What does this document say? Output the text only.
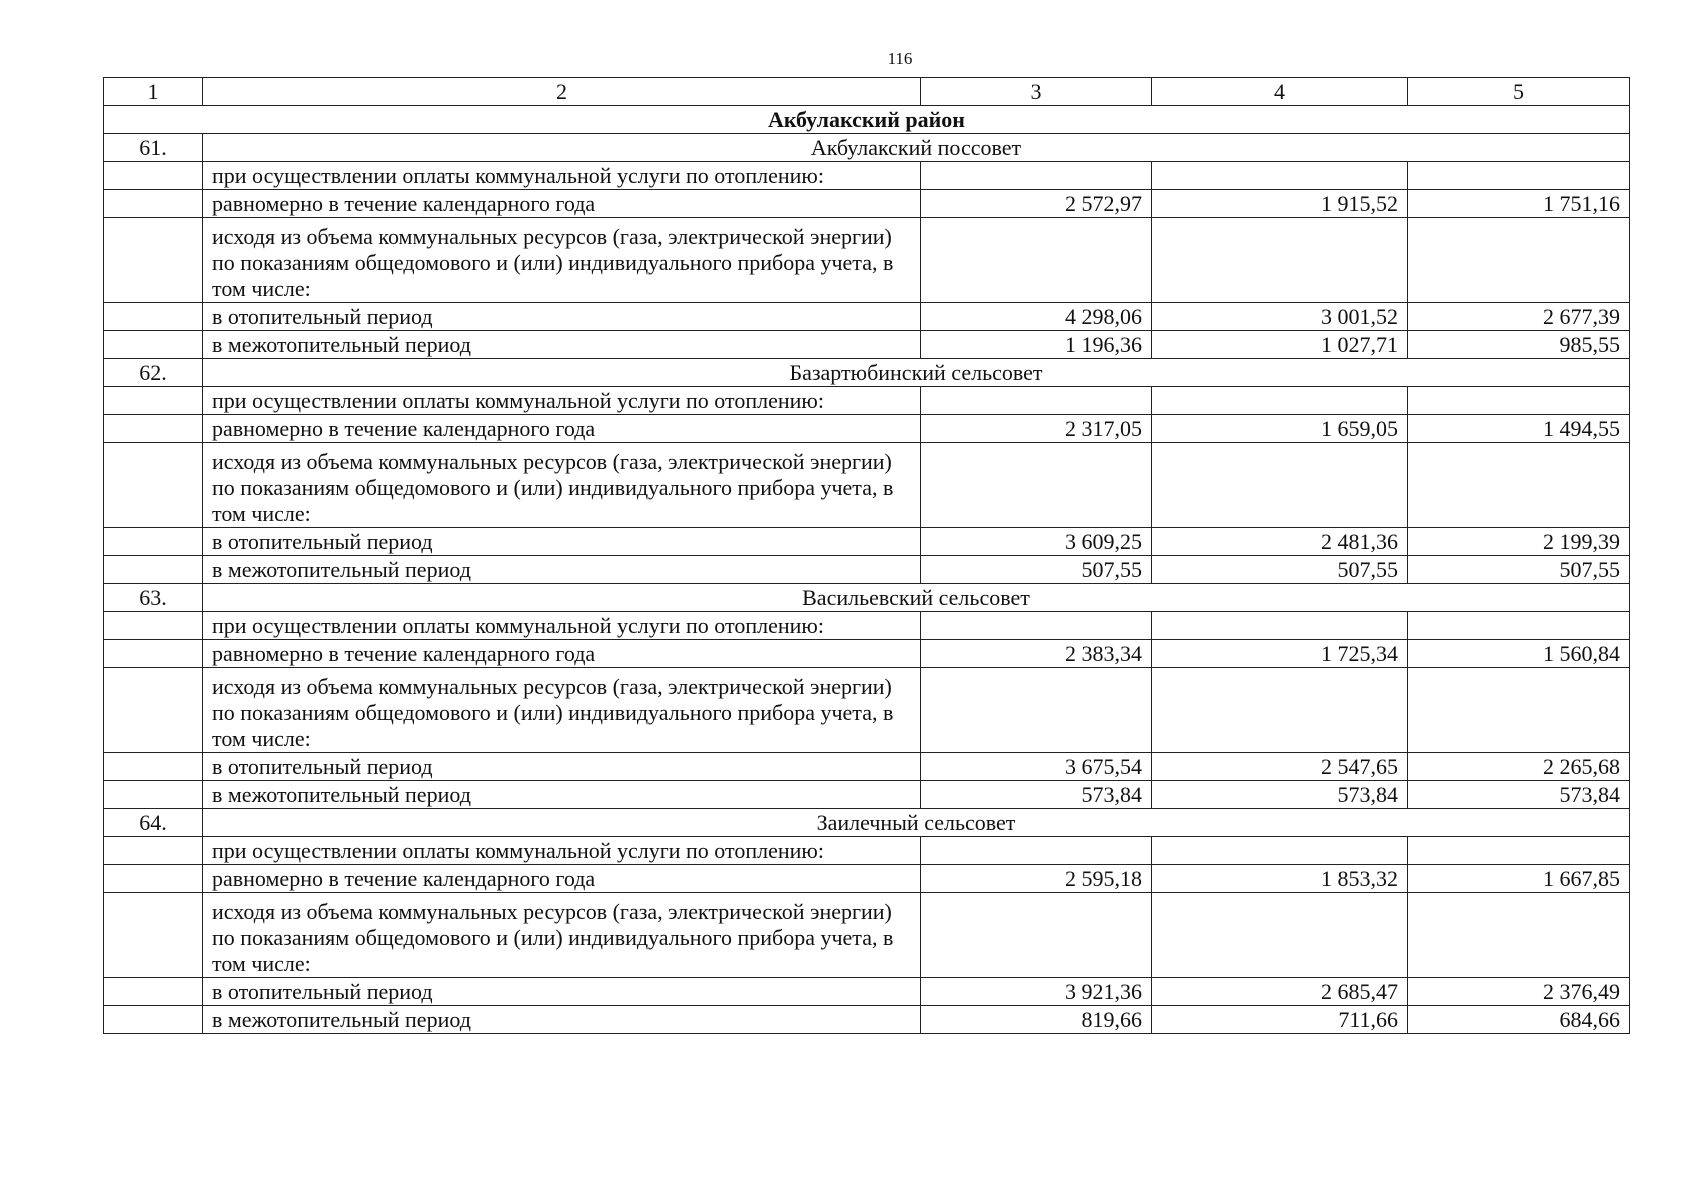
116
1	2	3	4	5
Акбулакский район				
61.	Акбулакский поссовет			
	при осуществлении оплаты коммунальной услуги по отоплению:			
	равномерно в течение календарного года	2 572,97	1 915,52	1 751,16
	исходя из объема коммунальных ресурсов (газа, электрической энергии) по показаниям общедомового и (или) индивидуального прибора учета, в том числе:			
	в отопительный период	4 298,06	3 001,52	2 677,39
	в межотопительный период	1 196,36	1 027,71	985,55
62.	Базартюбинский сельсовет			
	при осуществлении оплаты коммунальной услуги по отоплению:			
	равномерно в течение календарного года	2 317,05	1 659,05	1 494,55
	исходя из объема коммунальных ресурсов (газа, электрической энергии) по показаниям общедомового и (или) индивидуального прибора учета, в том числе:			
	в отопительный период	3 609,25	2 481,36	2 199,39
	в межотопительный период	507,55	507,55	507,55
63.	Васильевский сельсовет			
	при осуществлении оплаты коммунальной услуги по отоплению:			
	равномерно в течение календарного года	2 383,34	1 725,34	1 560,84
	исходя из объема коммунальных ресурсов (газа, электрической энергии) по показаниям общедомового и (или) индивидуального прибора учета, в том числе:			
	в отопительный период	3 675,54	2 547,65	2 265,68
	в межотопительный период	573,84	573,84	573,84
64.	Заилечный сельсовет			
	при осуществлении оплаты коммунальной услуги по отоплению:			
	равномерно в течение календарного года	2 595,18	1 853,32	1 667,85
	исходя из объема коммунальных ресурсов (газа, электрической энергии) по показаниям общедомового и (или) индивидуального прибора учета, в том числе:			
	в отопительный период	3 921,36	2 685,47	2 376,49
	в межотопительный период	819,66	711,66	684,66
